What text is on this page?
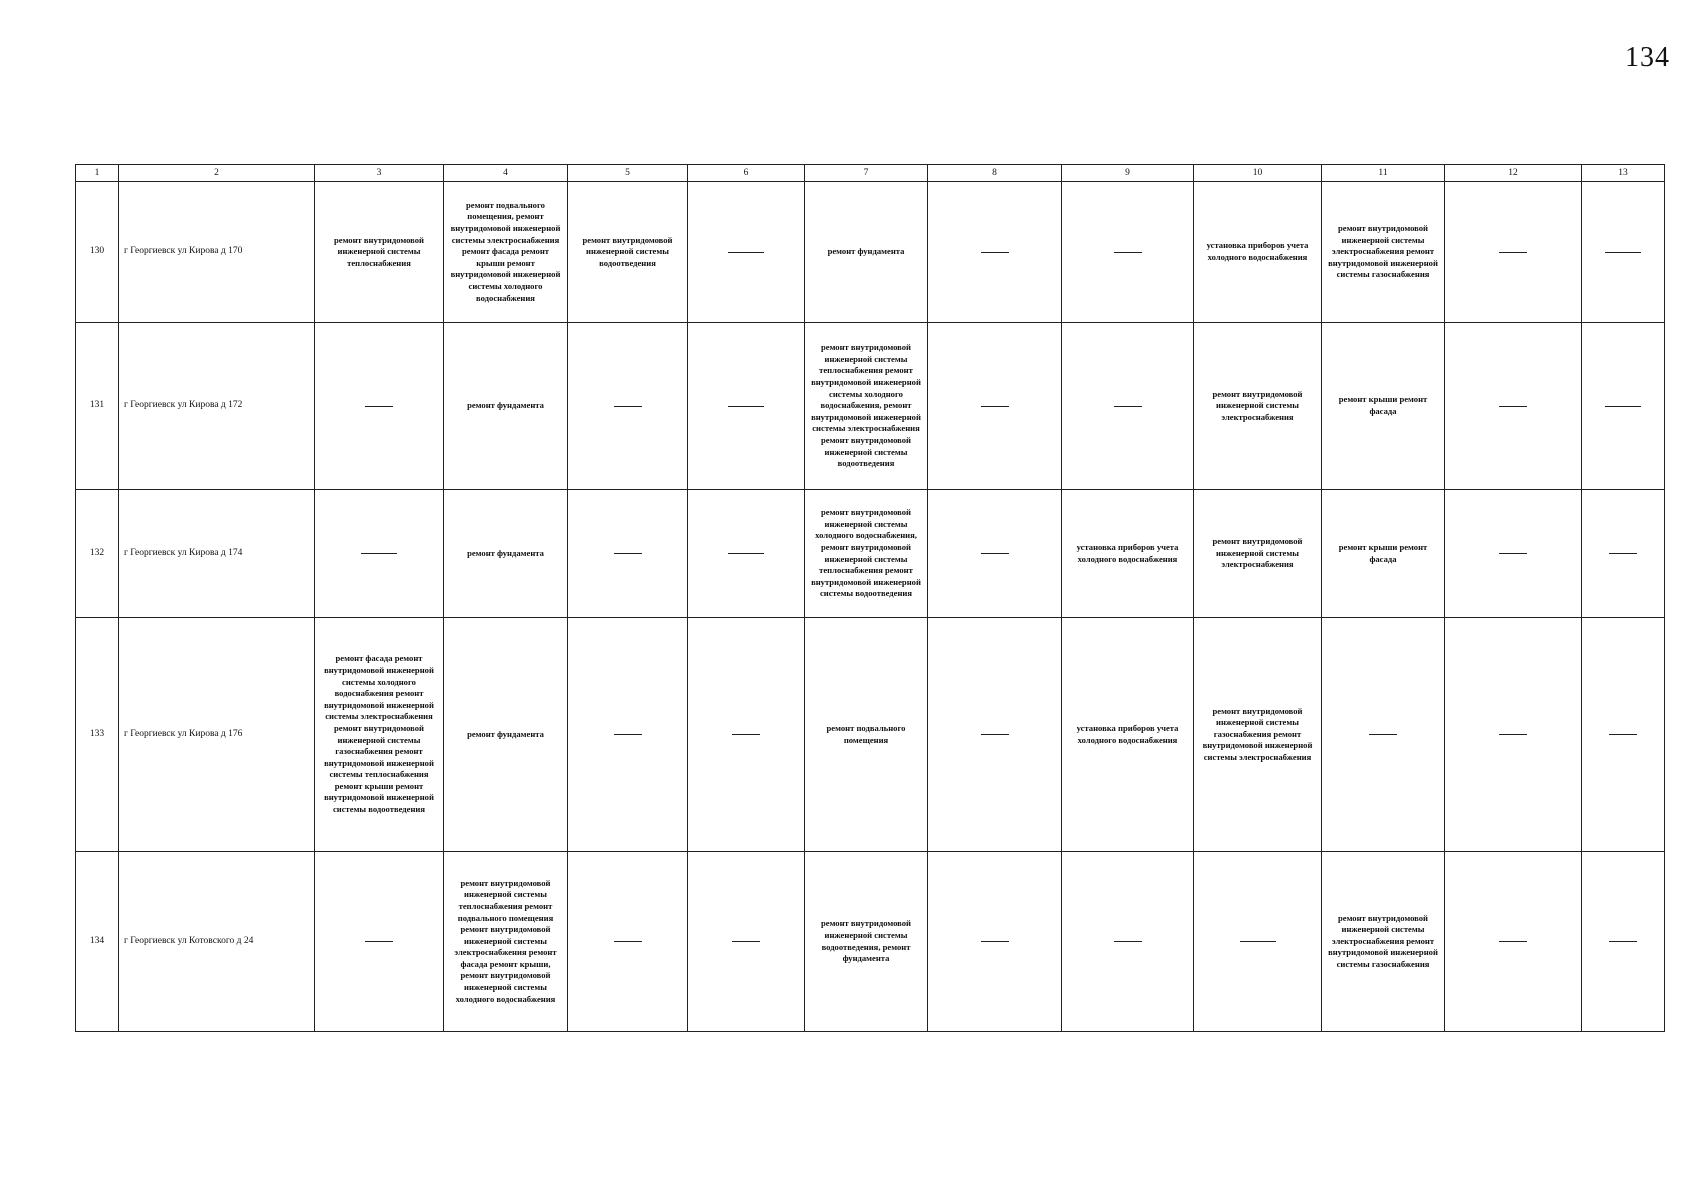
134
1	2	3	4	5	6	7	8	9	10	11	12	13
130	г Георгиевск ул Кирова д 170	ремонт внутридомовой инженерной системы теплоснабжения	ремонт подвального помещения, ремонт внутридомовой инженерной системы электроснабжения ремонт фасада ремонт крыши ремонт внутридомовой инженерной системы холодного водоснабжения	ремонт внутридомовой инженерной системы водоотведения		ремонт фундамента			установка приборов учета холодного водоснабжения	ремонт внутридомовой инженерной системы электроснабжения ремонт внутридомовой инженерной системы газоснабжения		
131	г Георгиевск ул Кирова д 172		ремонт фундамента			ремонт внутридомовой инженерной системы теплоснабжения ремонт внутридомовой инженерной системы холодного водоснабжения, ремонт внутридомовой инженерной системы электроснабжения ремонт внутридомовой инженерной системы водоотведения			ремонт внутридомовой инженерной системы электроснабжения	ремонт крыши ремонт фасада		
132	г Георгиевск ул Кирова д 174		ремонт фундамента			ремонт внутридомовой инженерной системы холодного водоснабжения, ремонт внутридомовой инженерной системы теплоснабжения ремонт внутридомовой инженерной системы водоотведения		установка приборов учета холодного водоснабжения	ремонт внутридомовой инженерной системы электроснабжения	ремонт крыши ремонт фасада		
133	г Георгиевск ул Кирова д 176	ремонт фасада ремонт внутридомовой инженерной системы холодного водоснабжения ремонт внутридомовой инженерной системы электроснабжения ремонт внутридомовой инженерной системы газоснабжения ремонт внутридомовой инженерной системы теплоснабжения ремонт крыши ремонт внутридомовой инженерной системы водоотведения	ремонт фундамента			ремонт подвального помещения		установка приборов учета холодного водоснабжения	ремонт внутридомовой инженерной системы газоснабжения ремонт внутридомовой инженерной системы электроснабжения			
134	г Георгиевск ул Котовского д 24		ремонт внутридомовой инженерной системы теплоснабжения ремонт подвального помещения ремонт внутридомовой инженерной системы электроснабжения ремонт фасада ремонт крыши, ремонт внутридомовой инженерной системы холодного водоснабжения			ремонт внутридомовой инженерной системы водоотведения, ремонт фундамента				ремонт внутридомовой инженерной системы электроснабжения ремонт внутридомовой инженерной системы газоснабжения		
